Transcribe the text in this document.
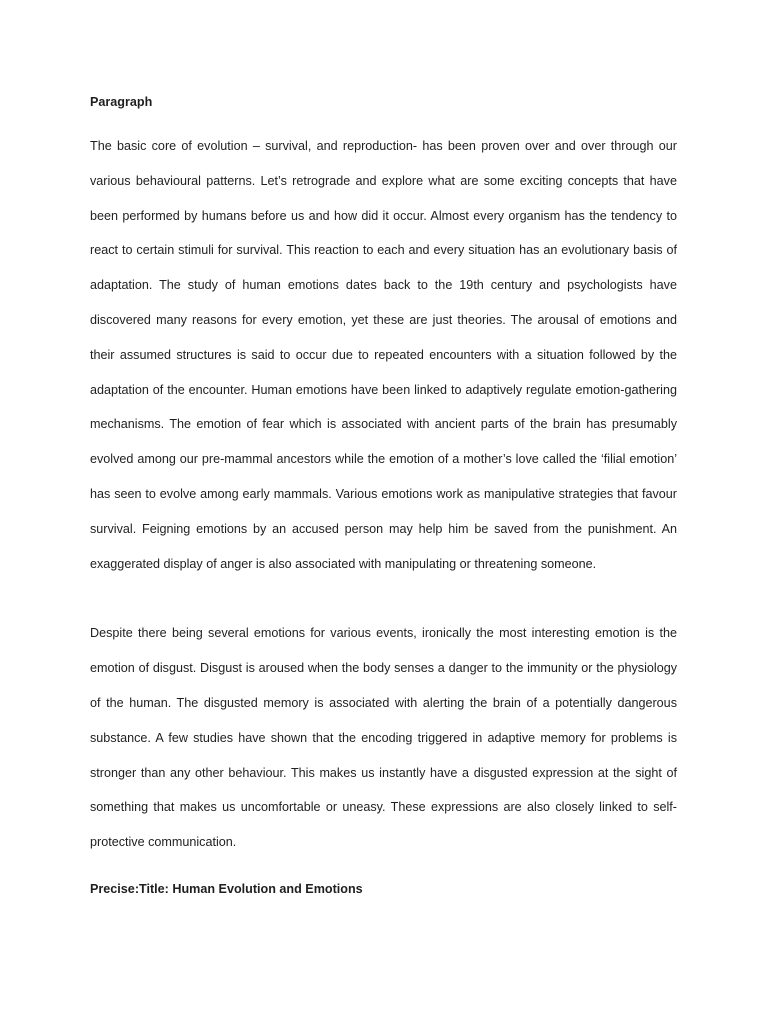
Paragraph

The basic core of evolution – survival, and reproduction- has been proven over and over through our various behavioural patterns. Let’s retrograde and explore what are some exciting concepts that have been performed by humans before us and how did it occur. Almost every organism has the tendency to react to certain stimuli for survival. This reaction to each and every situation has an evolutionary basis of adaptation. The study of human emotions dates back to the 19th century and psychologists have discovered many reasons for every emotion, yet these are just theories. The arousal of emotions and their assumed structures is said to occur due to repeated encounters with a situation followed by the adaptation of the encounter. Human emotions have been linked to adaptively regulate emotion-gathering mechanisms. The emotion of fear which is associated with ancient parts of the brain has presumably evolved among our pre-mammal ancestors while the emotion of a mother’s love called the ‘filial emotion’ has seen to evolve among early mammals. Various emotions work as manipulative strategies that favour survival. Feigning emotions by an accused person may help him be saved from the punishment. An exaggerated display of anger is also associated with manipulating or threatening someone.

Despite there being several emotions for various events, ironically the most interesting emotion is the emotion of disgust. Disgust is aroused when the body senses a danger to the immunity or the physiology of the human. The disgusted memory is associated with alerting the brain of a potentially dangerous substance. A few studies have shown that the encoding triggered in adaptive memory for problems is stronger than any other behaviour. This makes us instantly have a disgusted expression at the sight of something that makes us uncomfortable or uneasy. These expressions are also closely linked to self-protective communication.

Precise:Title: Human Evolution and Emotions
